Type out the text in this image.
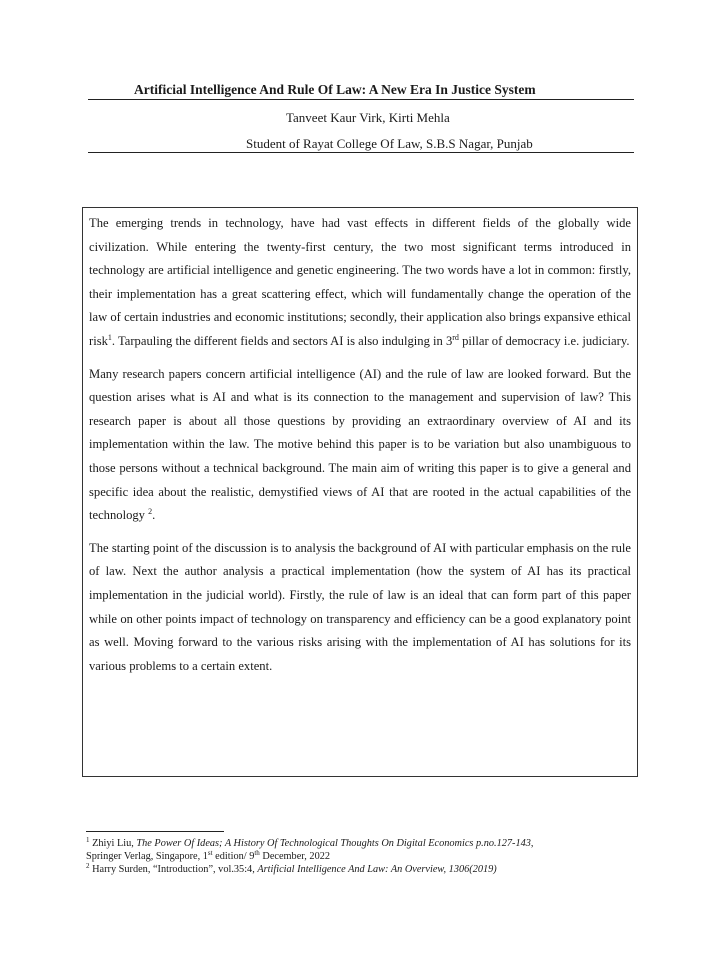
Artificial Intelligence And Rule Of Law: A New Era In Justice System
Tanveet Kaur Virk, Kirti Mehla
Student of Rayat College Of Law, S.B.S Nagar, Punjab

The emerging trends in technology, have had vast effects in different fields of the globally wide civilization. While entering the twenty-first century, the two most significant terms introduced in technology are artificial intelligence and genetic engineering. The two words have a lot in common: firstly, their implementation has a great scattering effect, which will fundamentally change the operation of the law of certain industries and economic institutions; secondly, their application also brings expansive ethical risk$^1$. Tarpauling the different fields and sectors AI is also indulging in 3rd pillar of democracy i.e. judiciary.

Many research papers concern artificial intelligence (AI) and the rule of law are looked forward. But the question arises what is AI and what is its connection to the management and supervision of law? This research paper is about all those questions by providing an extraordinary overview of AI and its implementation within the law. The motive behind this paper is to be variation but also unambiguous to those persons without a technical background. The main aim of writing this paper is to give a general and specific idea about the realistic, demystified views of AI that are rooted in the actual capabilities of the technology $^2$.

The starting point of the discussion is to analysis the background of AI with particular emphasis on the rule of law. Next the author analysis a practical implementation (how the system of AI has its practical implementation in the judicial world). Firstly, the rule of law is an ideal that can form part of this paper while on other points impact of technology on transparency and efficiency can be a good explanatory point as well. Moving forward to the various risks arising with the implementation of AI has solutions for its various problems to a certain extent.

$^1$ Zhiyi Liu, The Power Of Ideas; A History Of Technological Thoughts On Digital Economics p.no.127-143,
Springer Verlag, Singapore, 1st edition/ 9th December, 2022
$^2$ Harry Surden, “Introduction”, vol.35:4, Artificial Intelligence And Law: An Overview, 1306(2019)
